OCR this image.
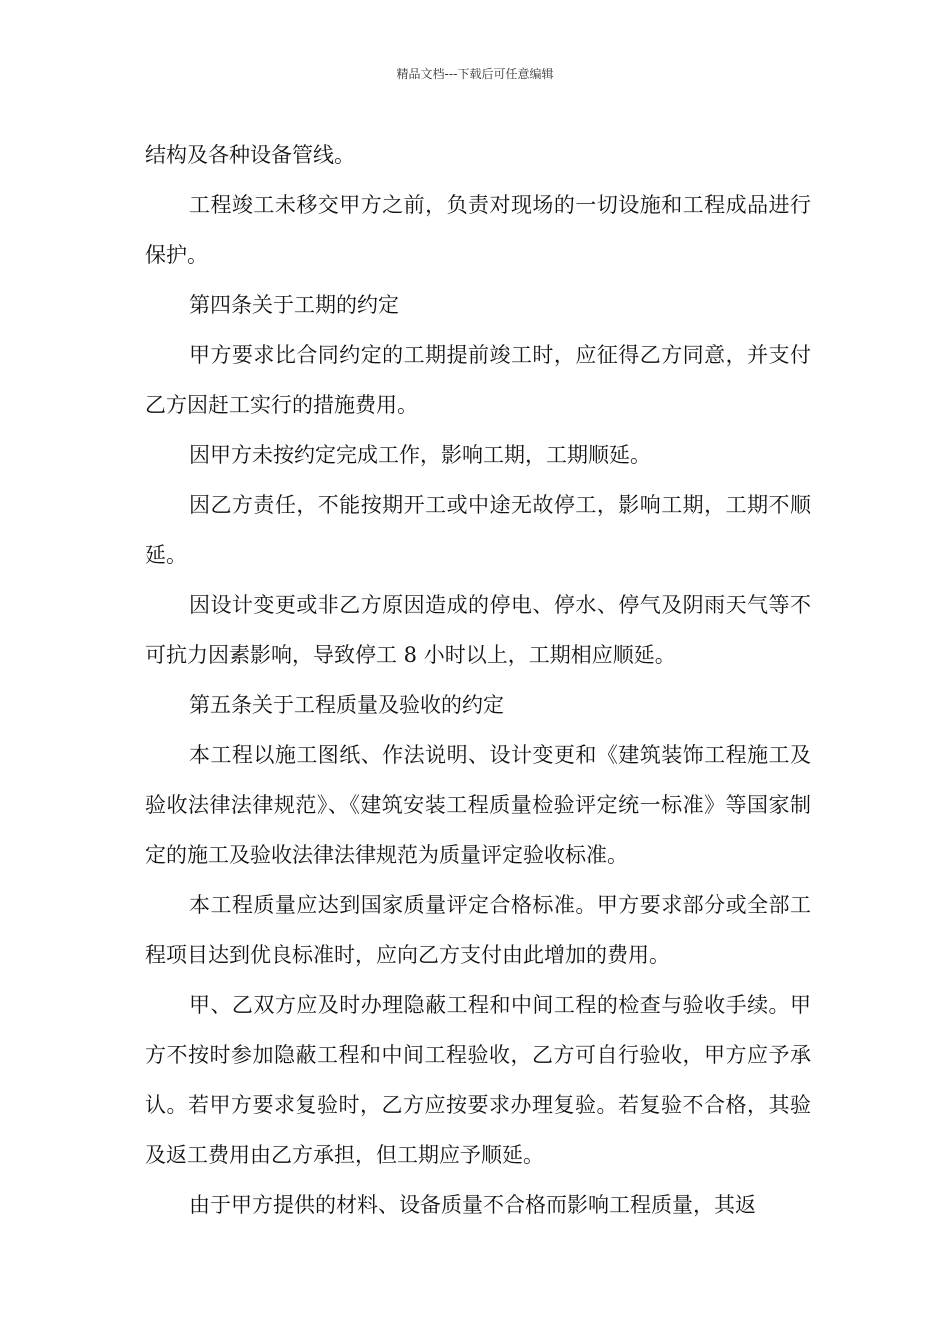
精品文档---下载后可任意编辑

结构及各种设备管线。

工程竣工未移交甲方之前，负责对现场的一切设施和工程成品进行保护。

第四条关于工期的约定

甲方要求比合同约定的工期提前竣工时，应征得乙方同意，并支付乙方因赶工实行的措施费用。

因甲方未按约定完成工作，影响工期，工期顺延。

因乙方责任，不能按期开工或中途无故停工，影响工期，工期不顺延。

因设计变更或非乙方原因造成的停电、停水、停气及阴雨天气等不可抗力因素影响，导致停工 8 小时以上，工期相应顺延。

第五条关于工程质量及验收的约定

本工程以施工图纸、作法说明、设计变更和《建筑装饰工程施工及验收法律法律规范》、《建筑安装工程质量检验评定统一标准》等国家制定的施工及验收法律法律规范为质量评定验收标准。

本工程质量应达到国家质量评定合格标准。甲方要求部分或全部工程项目达到优良标准时，应向乙方支付由此增加的费用。

甲、乙双方应及时办理隐蔽工程和中间工程的检查与验收手续。甲方不按时参加隐蔽工程和中间工程验收，乙方可自行验收，甲方应予承认。若甲方要求复验时，乙方应按要求办理复验。若复验不合格，其验及返工费用由乙方承担，但工期应予顺延。

由于甲方提供的材料、设备质量不合格而影响工程质量，其返
